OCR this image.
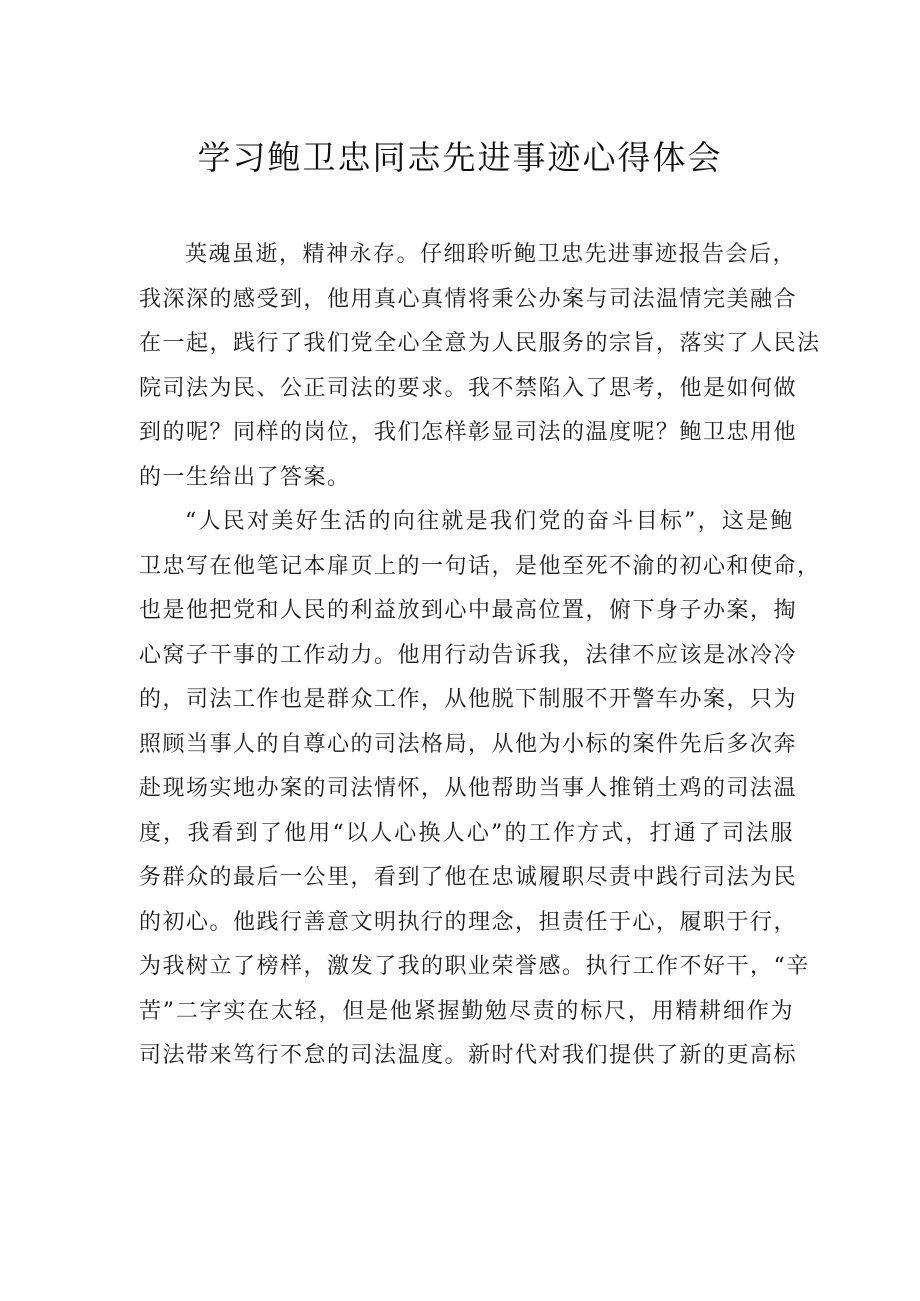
学习鲍卫忠同志先进事迹心得体会
英魂虽逝，精神永存。仔细聆听鲍卫忠先进事迹报告会后，
我深深的感受到，他用真心真情将秉公办案与司法温情完美融合
在一起，践行了我们党全心全意为人民服务的宗旨，落实了人民法
院司法为民、公正司法的要求。我不禁陷入了思考，他是如何做
到的呢？同样的岗位，我们怎样彰显司法的温度呢？鲍卫忠用他
的一生给出了答案。
“人民对美好生活的向往就是我们党的奋斗目标”，这是鲍
卫忠写在他笔记本扉页上的一句话，是他至死不渝的初心和使命，
也是他把党和人民的利益放到心中最高位置，俯下身子办案，掏
心窝子干事的工作动力。他用行动告诉我，法律不应该是冰冷冷
的，司法工作也是群众工作，从他脱下制服不开警车办案，只为
照顾当事人的自尊心的司法格局，从他为小标的案件先后多次奔
赴现场实地办案的司法情怀，从他帮助当事人推销土鸡的司法温
度，我看到了他用“以人心换人心”的工作方式，打通了司法服
务群众的最后一公里，看到了他在忠诚履职尽责中践行司法为民
的初心。他践行善意文明执行的理念，担责任于心，履职于行，
为我树立了榜样，激发了我的职业荣誉感。执行工作不好干，“辛
苦”二字实在太轻，但是他紧握勤勉尽责的标尺，用精耕细作为
司法带来笃行不怠的司法温度。新时代对我们提供了新的更高标
